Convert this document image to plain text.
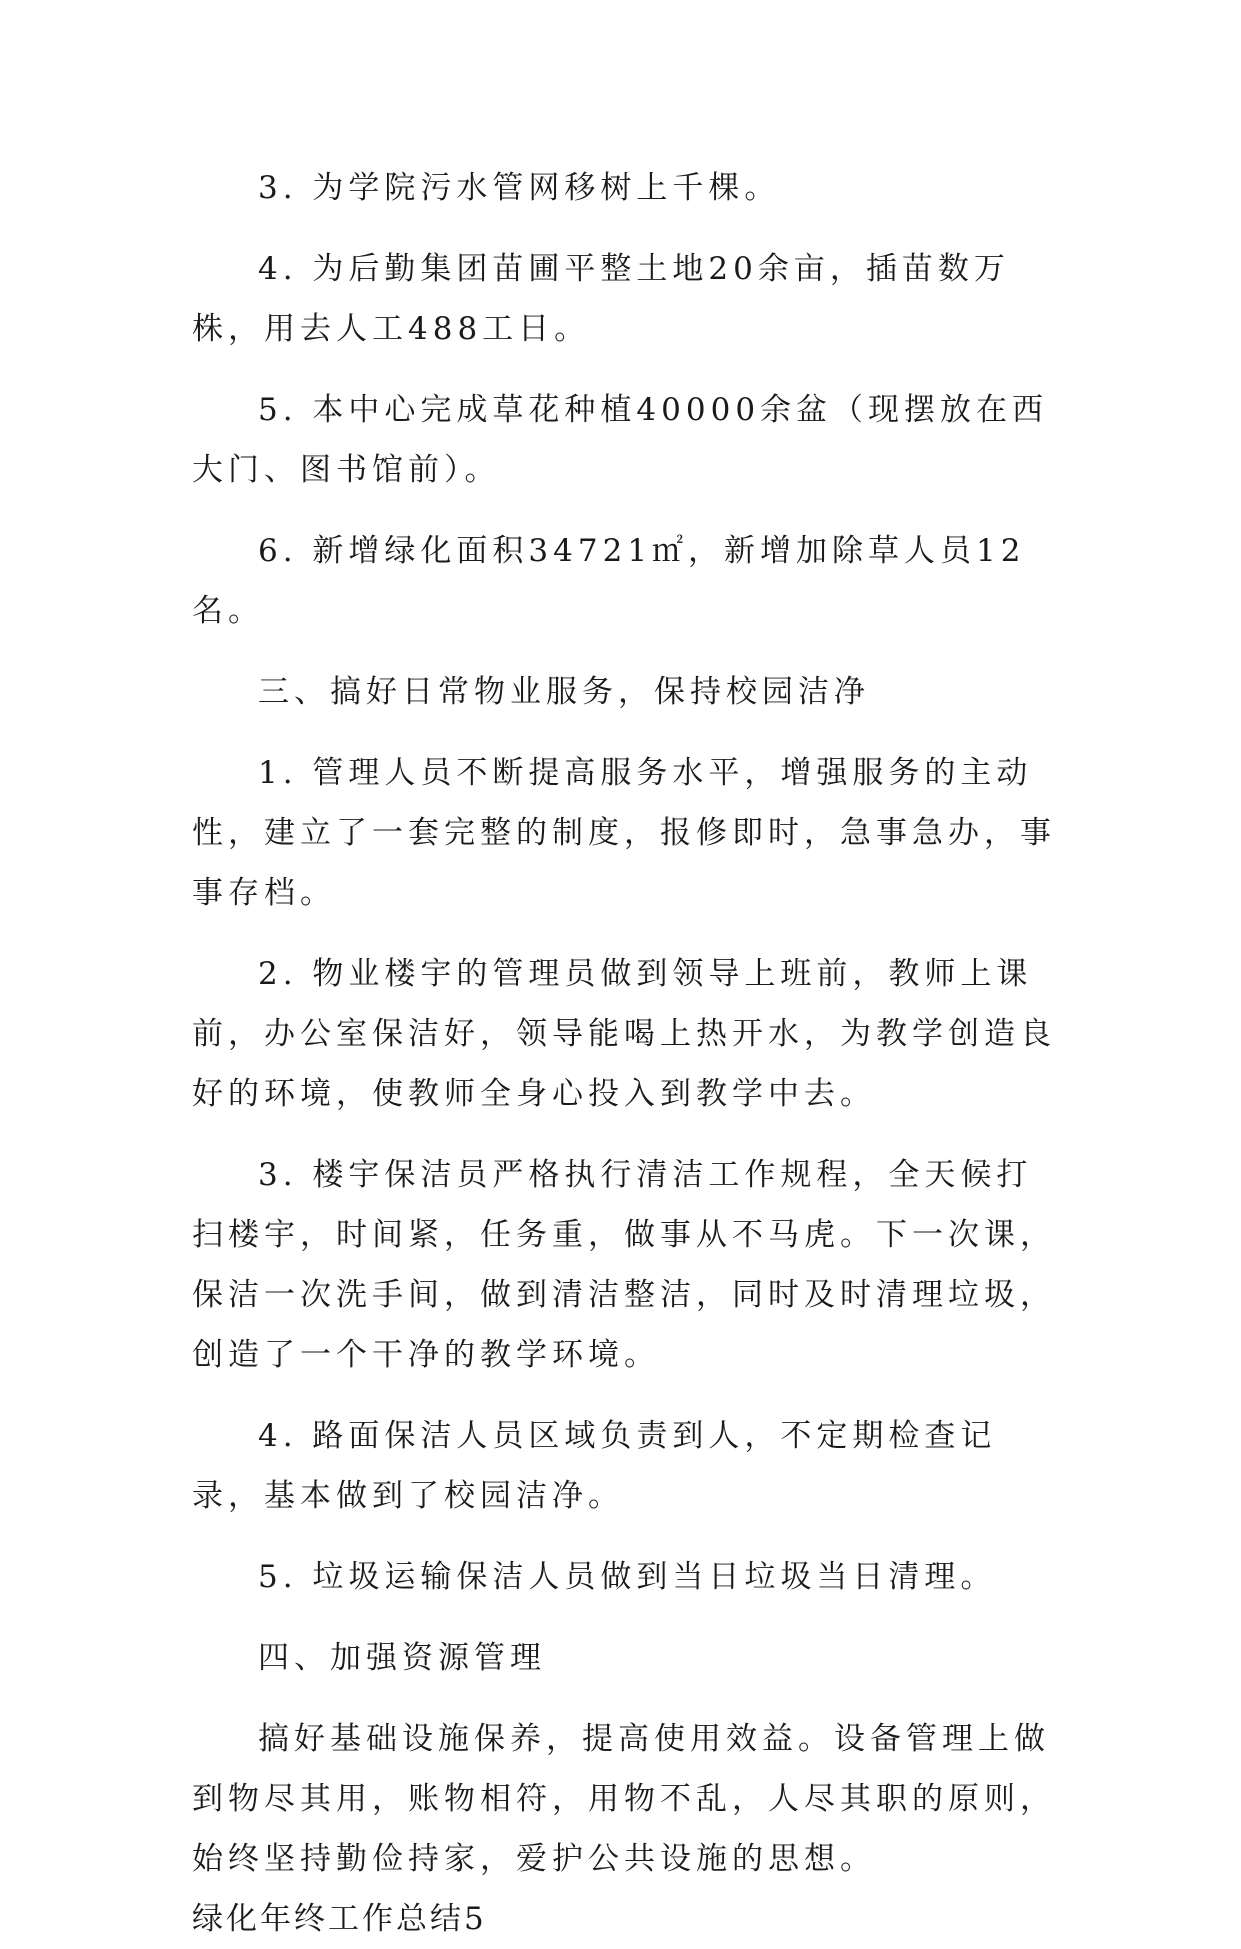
3. 为学院污水管网移树上千棵。

4. 为后勤集团苗圃平整土地20余亩，插苗数万株，用去人工488工日。

5. 本中心完成草花种植40000余盆（现摆放在西大门、图书馆前）。

6. 新增绿化面积34721㎡，新增加除草人员12名。

三、搞好日常物业服务，保持校园洁净

1. 管理人员不断提高服务水平，增强服务的主动性，建立了一套完整的制度，报修即时，急事急办，事事存档。

2. 物业楼宇的管理员做到领导上班前，教师上课前，办公室保洁好，领导能喝上热开水，为教学创造良好的环境，使教师全身心投入到教学中去。

3. 楼宇保洁员严格执行清洁工作规程，全天候打扫楼宇，时间紧，任务重，做事从不马虎。下一次课，保洁一次洗手间，做到清洁整洁，同时及时清理垃圾，创造了一个干净的教学环境。

4. 路面保洁人员区域负责到人，不定期检查记录，基本做到了校园洁净。

5. 垃圾运输保洁人员做到当日垃圾当日清理。

四、加强资源管理

搞好基础设施保养，提高使用效益。设备管理上做到物尽其用，账物相符，用物不乱，人尽其职的原则，始终坚持勤俭持家，爱护公共设施的思想。

绿化年终工作总结5
